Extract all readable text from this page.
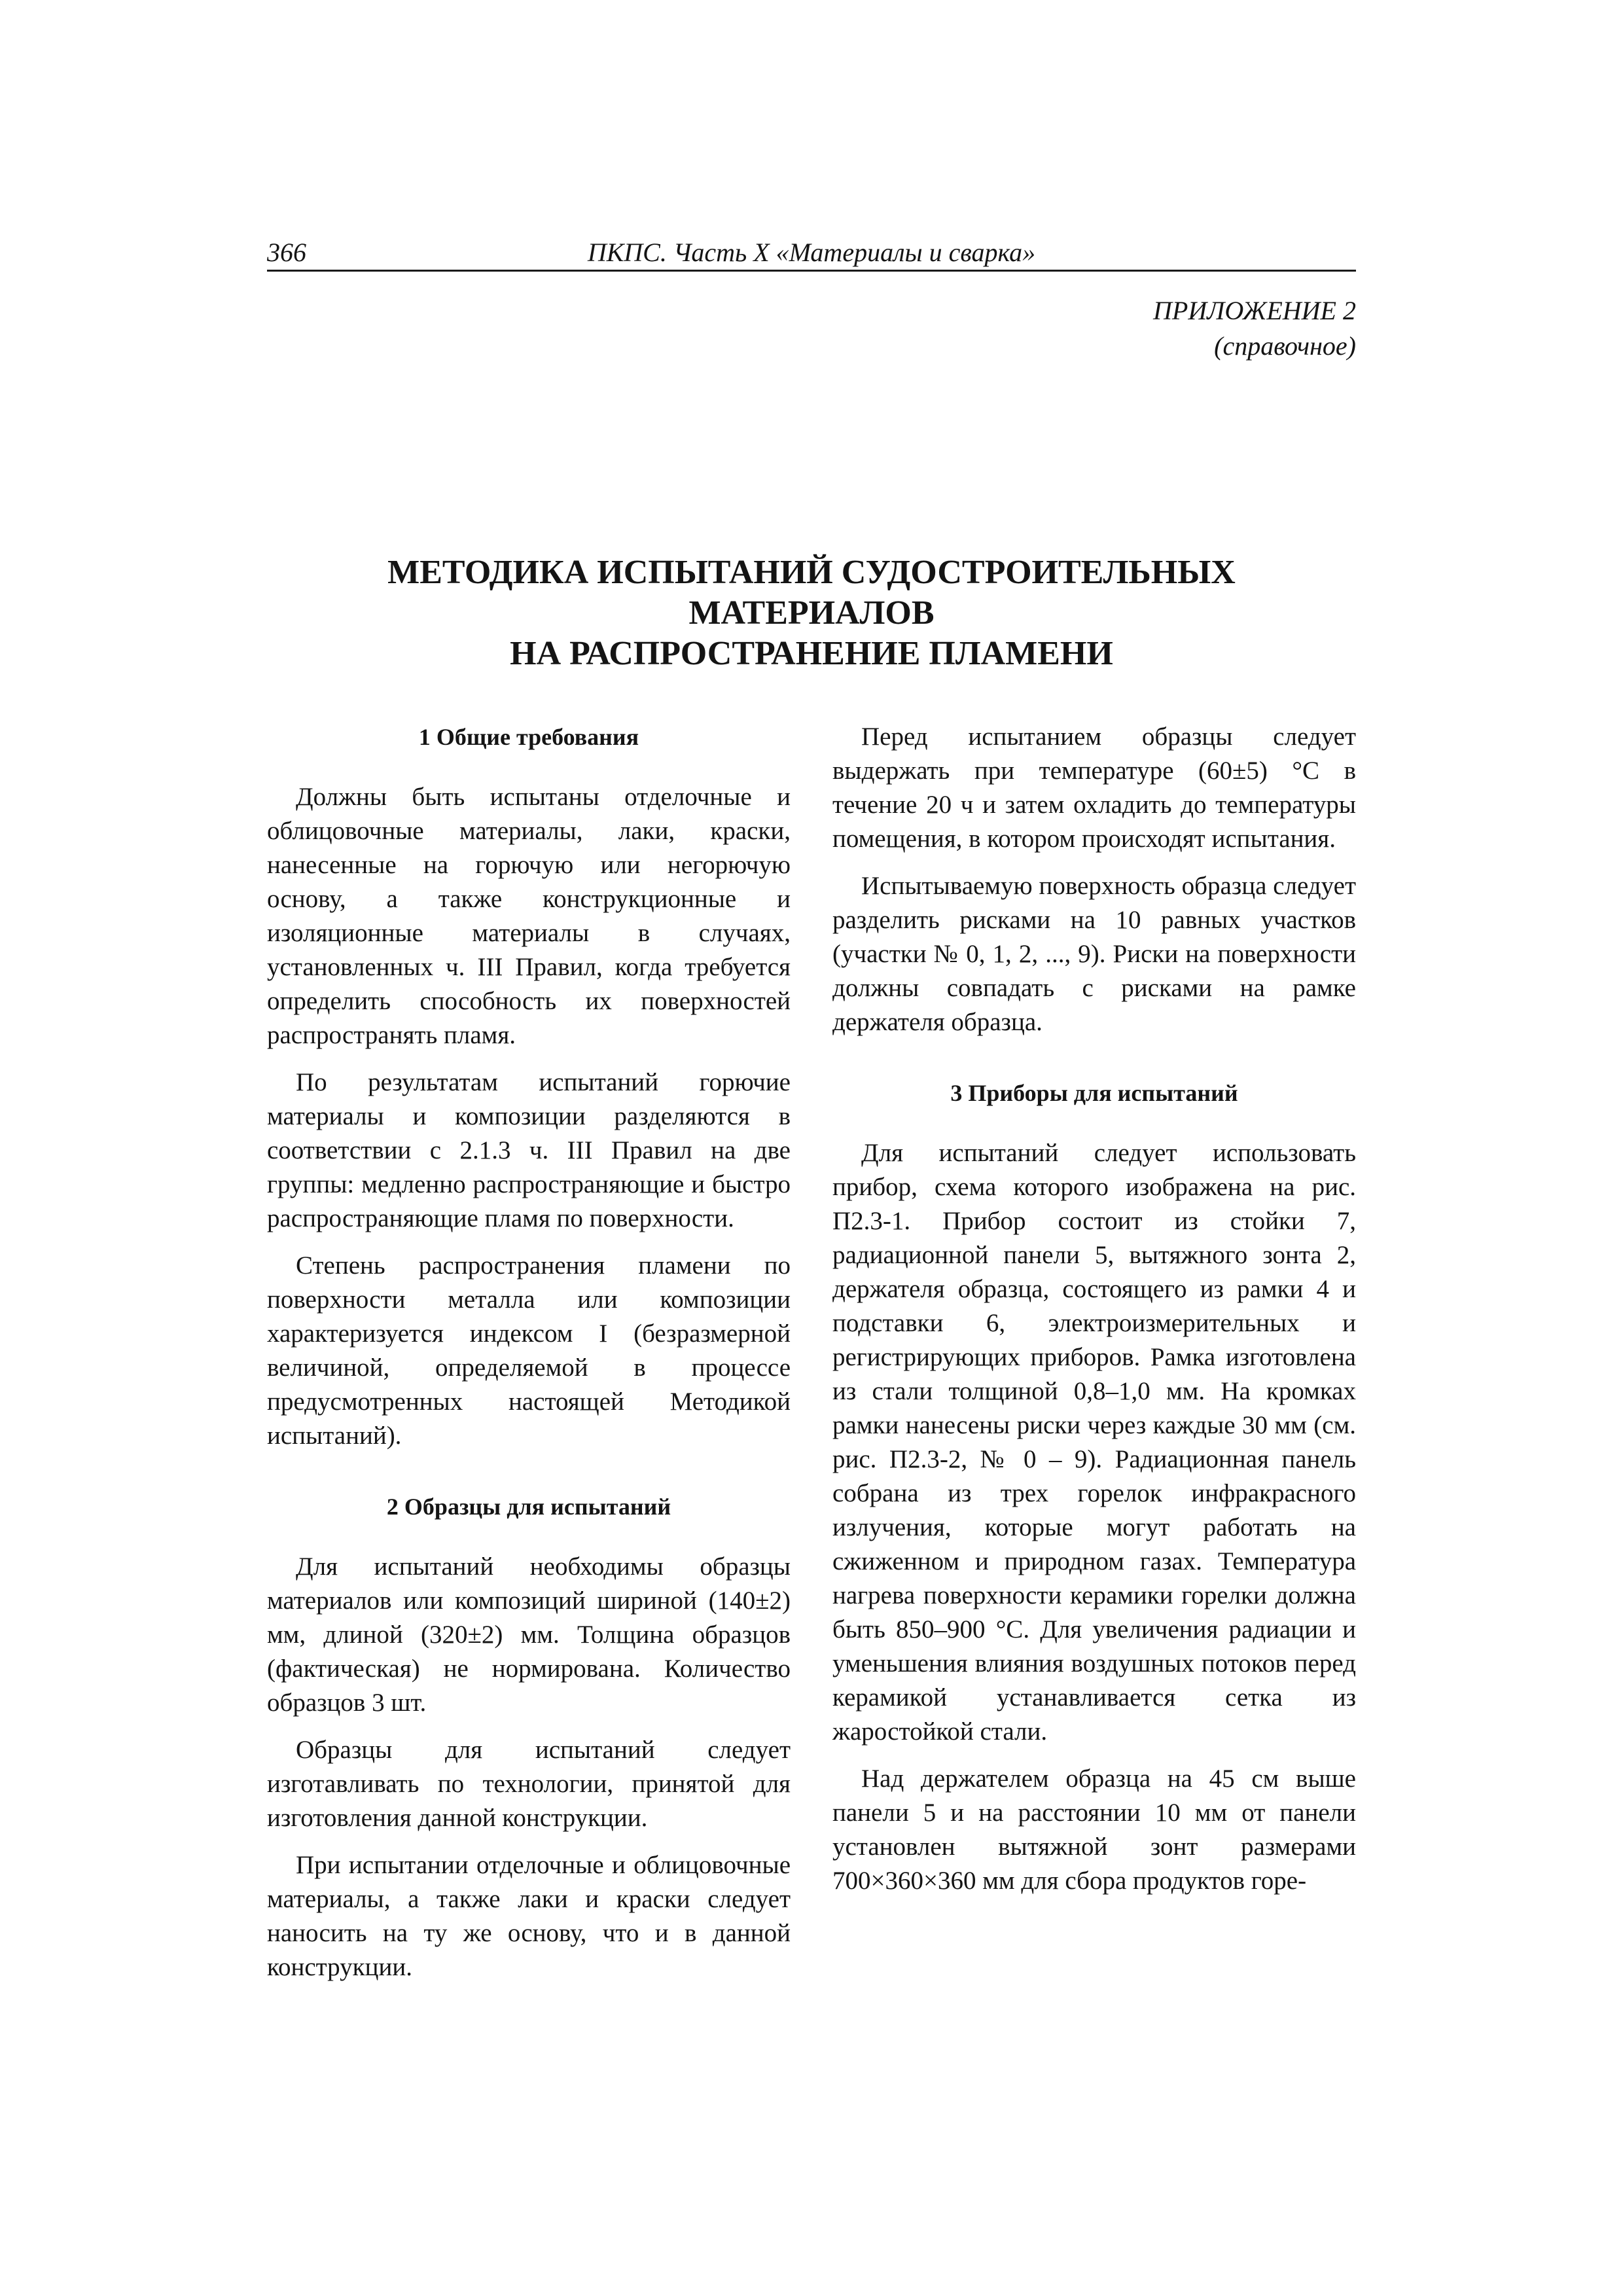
366	ПКПС. Часть X «Материалы и сварка»
ПРИЛОЖЕНИЕ 2
(справочное)
МЕТОДИКА ИСПЫТАНИЙ СУДОСТРОИТЕЛЬНЫХ МАТЕРИАЛОВ
НА РАСПРОСТРАНЕНИЕ ПЛАМЕНИ
1 Общие требования

Должны быть испытаны отделочные и облицовочные материалы, лаки, краски, нанесенные на горючую или негорючую основу, а также конструкционные и изоляционные материалы в случаях, установленных ч. III Правил, когда требуется определить способность их поверхностей распространять пламя.

По результатам испытаний горючие материалы и композиции разделяются в соответствии с 2.1.3 ч. III Правил на две группы: медленно распространяющие и быстро распространяющие пламя по поверхности.

Степень распространения пламени по поверхности металла или композиции характеризуется индексом I (безразмерной величиной, определяемой в процессе предусмотренных настоящей Методикой испытаний).

2 Образцы для испытаний

Для испытаний необходимы образцы материалов или композиций шириной (140±2) мм, длиной (320±2) мм. Толщина образцов (фактическая) не нормирована. Количество образцов 3 шт.

Образцы для испытаний следует изготавливать по технологии, принятой для изготовления данной конструкции.

При испытании отделочные и облицовочные материалы, а также лаки и краски следует наносить на ту же основу, что и в данной конструкции.

Перед испытанием образцы следует выдержать при температуре (60±5) °С в течение 20 ч и затем охладить до температуры помещения, в котором происходят испытания.

Испытываемую поверхность образца следует разделить рисками на 10 равных участков (участки № 0, 1, 2, ..., 9). Риски на поверхности должны совпадать с рисками на рамке держателя образца.

3 Приборы для испытаний

Для испытаний следует использовать прибор, схема которого изображена на рис. П2.3-1. Прибор состоит из стойки 7, радиационной панели 5, вытяжного зонта 2, держателя образца, состоящего из рамки 4 и подставки 6, электроизмерительных и регистрирующих приборов. Рамка изготовлена из стали толщиной 0,8–1,0 мм. На кромках рамки нанесены риски через каждые 30 мм (см. рис. П2.3-2, № 0 – 9). Радиационная панель собрана из трех горелок инфракрасного излучения, которые могут работать на сжиженном и природном газах. Температура нагрева поверхности керамики горелки должна быть 850–900 °С. Для увеличения радиации и уменьшения влияния воздушных потоков перед керамикой устанавливается сетка из жаростойкой стали.

Над держателем образца на 45 см выше панели 5 и на расстоянии 10 мм от панели установлен вытяжной зонт размерами 700×360×360 мм для сбора продуктов горе-
